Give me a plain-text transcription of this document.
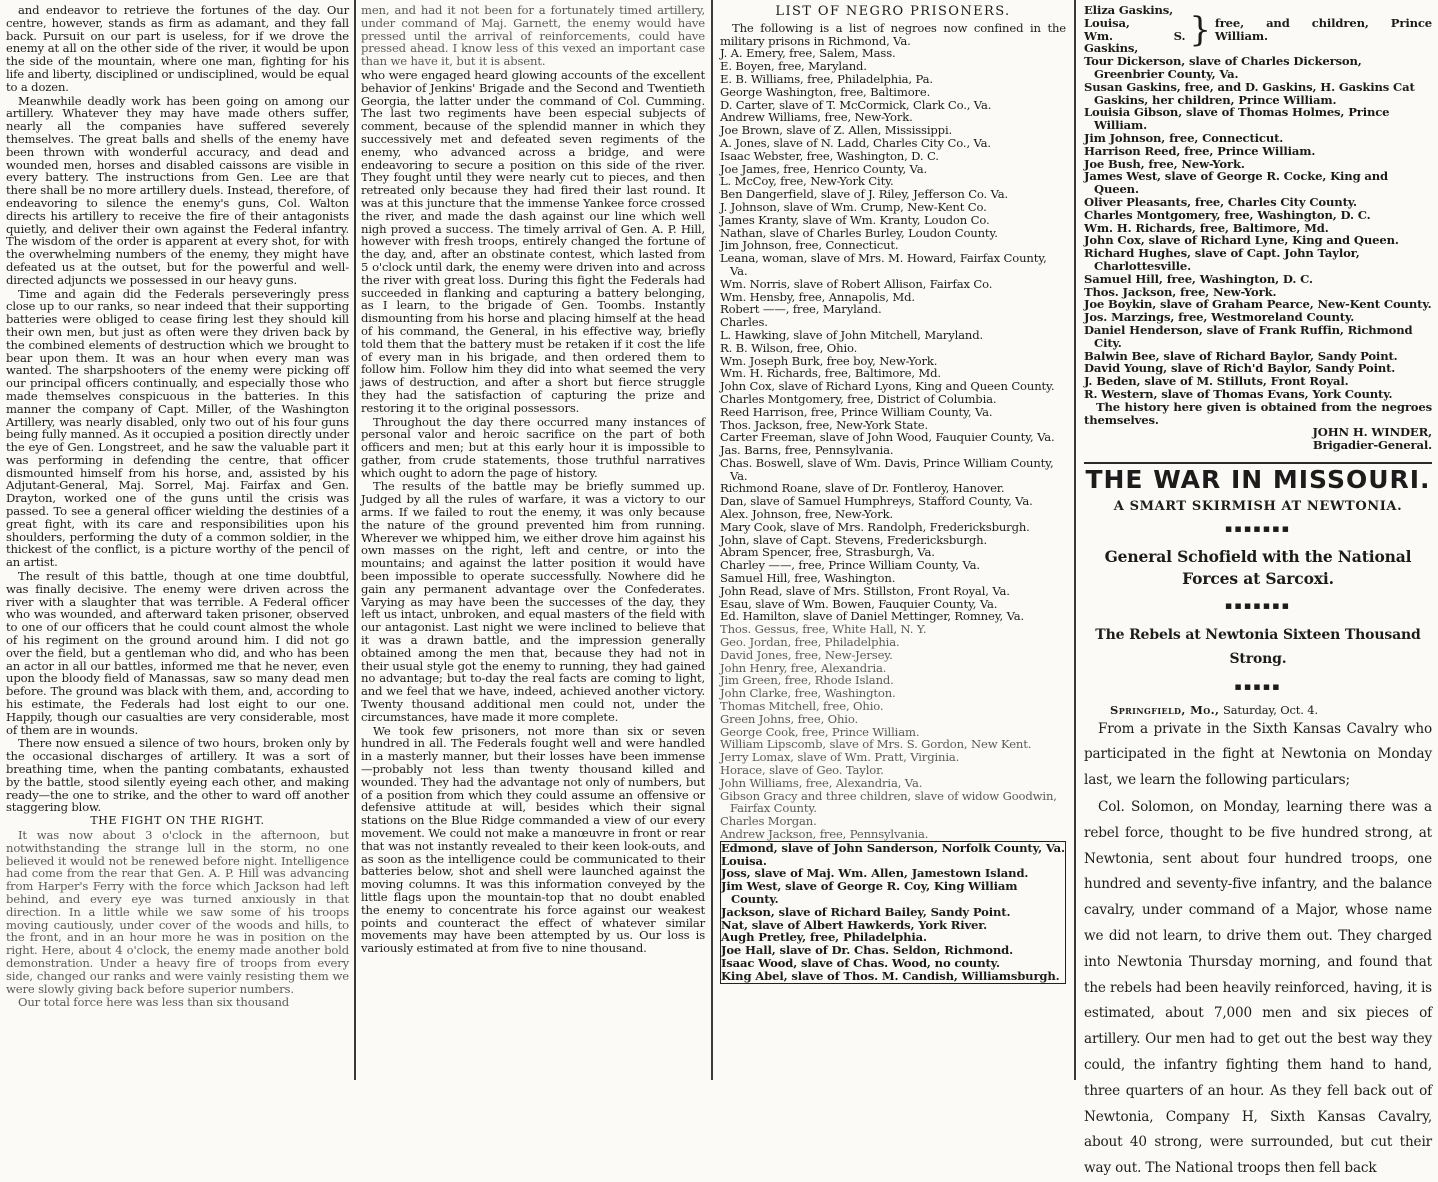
and endeavor to retrieve the fortunes of the day. Our centre, however, stands as firm as adamant, and they fall back. Pursuit on our part is useless, for if we drove the enemy at all on the other side of the river, it would be upon the side of the mountain, where one man, fighting for his life and liberty, disciplined or undisciplined, would be equal to a dozen.

Meanwhile deadly work has been going on among our artillery. Whatever they may have made others suffer, nearly all the companies have suffered severely themselves. The great balls and shells of the enemy have been thrown with wonderful accuracy, and dead and wounded men, horses and disabled caissons are visible in every battery. The instructions from Gen. Lee are that there shall be no more artillery duels. Instead, therefore, of endeavoring to silence the enemy's guns, Col. Walton directs his artillery to receive the fire of their antagonists quietly, and deliver their own against the Federal infantry. The wisdom of the order is apparent at every shot, for with the overwhelming numbers of the enemy, they might have defeated us at the outset, but for the powerful and well-directed adjuncts we possessed in our heavy guns.

Time and again did the Federals perseveringly press close up to our ranks, so near indeed that their supporting batteries were obliged to cease firing lest they should kill their own men, but just as often were they driven back by the combined elements of destruction which we brought to bear upon them. It was an hour when every man was wanted. The sharpshooters of the enemy were picking off our principal officers continually, and especially those who made themselves conspicuous in the batteries. In this manner the company of Capt. Miller, of the Washington Artillery, was nearly disabled, only two out of his four guns being fully manned. As it occupied a position directly under the eye of Gen. Longstreet, and he saw the valuable part it was performing in defending the centre, that officer dismounted himself from his horse, and, assisted by his Adjutant-General, Maj. Sorrel, Maj. Fairfax and Gen. Drayton, worked one of the guns until the crisis was passed. To see a general officer wielding the destinies of a great fight, with its care and responsibilities upon his shoulders, performing the duty of a common soldier, in the thickest of the conflict, is a picture worthy of the pencil of an artist.

The result of this battle, though at one time doubtful, was finally decisive. The enemy were driven across the river with a slaughter that was terrible. A Federal officer who was wounded, and afterward taken prisoner, observed to one of our officers that he could count almost the whole of his regiment on the ground around him. I did not go over the field, but a gentleman who did, and who has been an actor in all our battles, informed me that he never, even upon the bloody field of Manassas, saw so many dead men before. The ground was black with them, and, according to his estimate, the Federals had lost eight to our one. Happily, though our casualties are very considerable, most of them are in wounds.

There now ensued a silence of two hours, broken only by the occasional discharges of artillery. It was a sort of breathing time, when the panting combatants, exhausted by the battle, stood silently eyeing each other, and making ready—the one to strike, and the other to ward off another staggering blow.

THE FIGHT ON THE RIGHT.

It was now about 3 o'clock in the afternoon, but notwithstanding the strange lull in the storm, no one believed it would not be renewed before night. Intelligence had come from the rear that Gen. A. P. Hill was advancing from Harper's Ferry with the force which Jackson had left behind, and every eye was turned anxiously in that direction. In a little while we saw some of his troops moving cautiously, under cover of the woods and hills, to the front, and in an hour more he was in position on the right. Here, about 4 o'clock, the enemy made another bold demonstration. Under a heavy fire of troops from every side, changed our ranks and were vainly resisting them we were slowly giving back before superior numbers.

Our total force here was less than six thousand

men, and had it not been for a fortunately timed artillery, under command of Maj. Garnett, the enemy would have pressed until the arrival of reinforcements, could have pressed ahead. I know less of this vexed an important case than we have it, but it is absent.

who were engaged heard glowing accounts of the excellent behavior of Jenkins' Brigade and the Second and Twentieth Georgia, the latter under the command of Col. Cumming. The last two regiments have been especial subjects of comment, because of the splendid manner in which they successively met and defeated seven regiments of the enemy, who advanced across a bridge, and were endeavoring to secure a position on this side of the river. They fought until they were nearly cut to pieces, and then retreated only because they had fired their last round. It was at this juncture that the immense Yankee force crossed the river, and made the dash against our line which well nigh proved a success. The timely arrival of Gen. A. P. Hill, however with fresh troops, entirely changed the fortune of the day, and, after an obstinate contest, which lasted from 5 o'clock until dark, the enemy were driven into and across the river with great loss. During this fight the Federals had succeeded in flanking and capturing a battery belonging, as I learn, to the brigade of Gen. Toombs. Instantly dismounting from his horse and placing himself at the head of his command, the General, in his effective way, briefly told them that the battery must be retaken if it cost the life of every man in his brigade, and then ordered them to follow him. Follow him they did into what seemed the very jaws of destruction, and after a short but fierce struggle they had the satisfaction of capturing the prize and restoring it to the original possessors.

Throughout the day there occurred many instances of personal valor and heroic sacrifice on the part of both officers and men; but at this early hour it is impossible to gather, from crude statements, those truthful narratives which ought to adorn the page of history.

The results of the battle may be briefly summed up. Judged by all the rules of warfare, it was a victory to our arms. If we failed to rout the enemy, it was only because the nature of the ground prevented him from running. Wherever we whipped him, we either drove him against his own masses on the right, left and centre, or into the mountains; and against the latter position it would have been impossible to operate successfully. Nowhere did he gain any permanent advantage over the Confederates. Varying as may have been the successes of the day, they left us intact, unbroken, and equal masters of the field with our antagonist. Last night we were inclined to believe that it was a drawn battle, and the impression generally obtained among the men that, because they had not in their usual style got the enemy to running, they had gained no advantage; but to-day the real facts are coming to light, and we feel that we have, indeed, achieved another victory. Twenty thousand additional men could not, under the circumstances, have made it more complete.

We took few prisoners, not more than six or seven hundred in all. The Federals fought well and were handled in a masterly manner, but their losses have been immense—probably not less than twenty thousand killed and wounded. They had the advantage not only of numbers, but of a position from which they could assume an offensive or defensive attitude at will, besides which their signal stations on the Blue Ridge commanded a view of our every movement. We could not make a manœuvre in front or rear that was not instantly revealed to their keen look-outs, and as soon as the intelligence could be communicated to their batteries below, shot and shell were launched against the moving columns. It was this information conveyed by the little flags upon the mountain-top that no doubt enabled the enemy to concentrate his force against our weakest points and counteract the effect of whatever similar movements may have been attempted by us. Our loss is variously estimated at from five to nine thousand.

LIST OF NEGRO PRISONERS.

The following is a list of negroes now confined in the military prisons in Richmond, Va.

J. A. Emery, free, Salem, Mass.

E. Boyen, free, Maryland.

E. B. Williams, free, Philadelphia, Pa.

George Washington, free, Baltimore.

D. Carter, slave of T. McCormick, Clark Co., Va.

Andrew Williams, free, New-York.

Joe Brown, slave of Z. Allen, Mississippi.

A. Jones, slave of N. Ladd, Charles City Co., Va.

Isaac Webster, free, Washington, D. C.

Joe James, free, Henrico County, Va.

L. McCoy, free, New-York City.

Ben Dangerfield, slave of J. Riley, Jefferson Co. Va.

J. Johnson, slave of Wm. Crump, New-Kent Co.

James Kranty, slave of Wm. Kranty, Loudon Co.

Nathan, slave of Charles Burley, Loudon County.

Jim Johnson, free, Connecticut.

Leana, woman, slave of Mrs. M. Howard, Fairfax County, Va.

Wm. Norris, slave of Robert Allison, Fairfax Co.

Wm. Hensby, free, Annapolis, Md.

Robert ——, free, Maryland.

Charles.

L. Hawking, slave of John Mitchell, Maryland.

R. B. Wilson, free, Ohio.

Wm. Joseph Burk, free boy, New-York.

Wm. H. Richards, free, Baltimore, Md.

John Cox, slave of Richard Lyons, King and Queen County.

Charles Montgomery, free, District of Columbia.

Reed Harrison, free, Prince William County, Va.

Thos. Jackson, free, New-York State.

Carter Freeman, slave of John Wood, Fauquier County, Va.

Jas. Barns, free, Pennsylvania.

Chas. Boswell, slave of Wm. Davis, Prince William County, Va.

Richmond Roane, slave of Dr. Fontleroy, Hanover.

Dan, slave of Samuel Humphreys, Stafford County, Va.

Alex. Johnson, free, New-York.

Mary Cook, slave of Mrs. Randolph, Fredericksburgh.

John, slave of Capt. Stevens, Fredericksburgh.

Abram Spencer, free, Strasburgh, Va.

Charley ——, free, Prince William County, Va.

Samuel Hill, free, Washington.

John Read, slave of Mrs. Stillston, Front Royal, Va.

Esau, slave of Wm. Bowen, Fauquier County, Va.

Ed. Hamilton, slave of Daniel Mettinger, Romney, Va.

Thos. Gessus, free, White Hall, N. Y.

Geo. Jordan, free, Philadelphia.

David Jones, free, New-Jersey.

John Henry, free, Alexandria.

Jim Green, free, Rhode Island.

John Clarke, free, Washington.

Thomas Mitchell, free, Ohio.

Green Johns, free, Ohio.

George Cook, free, Prince William.

William Lipscomb, slave of Mrs. S. Gordon, New Kent.

Jerry Lomax, slave of Wm. Pratt, Virginia.

Horace, slave of Geo. Taylor.

John Williams, free, Alexandria, Va.

Gibson Gracy and three children, slave of widow Goodwin, Fairfax County.

Charles Morgan.

Andrew Jackson, free, Pennsylvania.

Edmond, slave of John Sanderson, Norfolk County, Va.

Louisa.

Joss, slave of Maj. Wm. Allen, Jamestown Island.

Jim West, slave of George R. Coy, King William County.

Jackson, slave of Richard Bailey, Sandy Point.

Nat, slave of Albert Hawkerds, York River.

Augh Pretley, free, Philadelphia.

Joe Hall, slave of Dr. Chas. Seldon, Richmond.

Isaac Wood, slave of Chas. Wood, no county.

King Abel, slave of Thos. M. Candish, Williamsburgh.

Eliza Gaskins,
Louisa,
Wm. S. Gaskins,	} free, and children, Prince William.

Tour Dickerson, slave of Charles Dickerson, Greenbrier County, Va.

Susan Gaskins, free, and D. Gaskins, H. Gaskins Cat Gaskins, her children, Prince William.

Louisia Gibson, slave of Thomas Holmes, Prince William.

Jim Johnson, free, Connecticut.

Harrison Reed, free, Prince William.

Joe Bush, free, New-York.

James West, slave of George R. Cocke, King and Queen.

Oliver Pleasants, free, Charles City County.

Charles Montgomery, free, Washington, D. C.

Wm. H. Richards, free, Baltimore, Md.

John Cox, slave of Richard Lyne, King and Queen.

Richard Hughes, slave of Capt. John Taylor, Charlottesville.

Samuel Hill, free, Washington, D. C.

Thos. Jackson, free, New-York.

Joe Boykin, slave of Graham Pearce, New-Kent County.

Jos. Marzings, free, Westmoreland County.

Daniel Henderson, slave of Frank Ruffin, Richmond City.

Balwin Bee, slave of Richard Baylor, Sandy Point.

David Young, slave of Rich'd Baylor, Sandy Point.

J. Beden, slave of M. Stilluts, Front Royal.

R. Western, slave of Thomas Evans, York County.

The history here given is obtained from the negroes themselves.

JOHN H. WINDER,

Brigadier-General.

THE WAR IN MISSOURI.
A SMART SKIRMISH AT NEWTONIA.
▪▪▪▪▪▪▪
General Schofield with the National Forces at Sarcoxi.
▪▪▪▪▪▪▪
The Rebels at Newtonia Sixteen Thousand Strong.
▪▪▪▪▪

Springfield, Mo., Saturday, Oct. 4.

From a private in the Sixth Kansas Cavalry who participated in the fight at Newtonia on Monday last, we learn the following particulars;

Col. Solomon, on Monday, learning there was a rebel force, thought to be five hundred strong, at Newtonia, sent about four hundred troops, one hundred and seventy-five infantry, and the balance cavalry, under command of a Major, whose name we did not learn, to drive them out. They charged into Newtonia Thursday morning, and found that the rebels had been heavily reinforced, having, it is estimated, about 7,000 men and six pieces of artillery. Our men had to get out the best way they could, the infantry fighting them hand to hand, three quarters of an hour. As they fell back out of Newtonia, Company H, Sixth Kansas Cavalry, about 40 strong, were surrounded, but cut their way out. The National troops then fell back
